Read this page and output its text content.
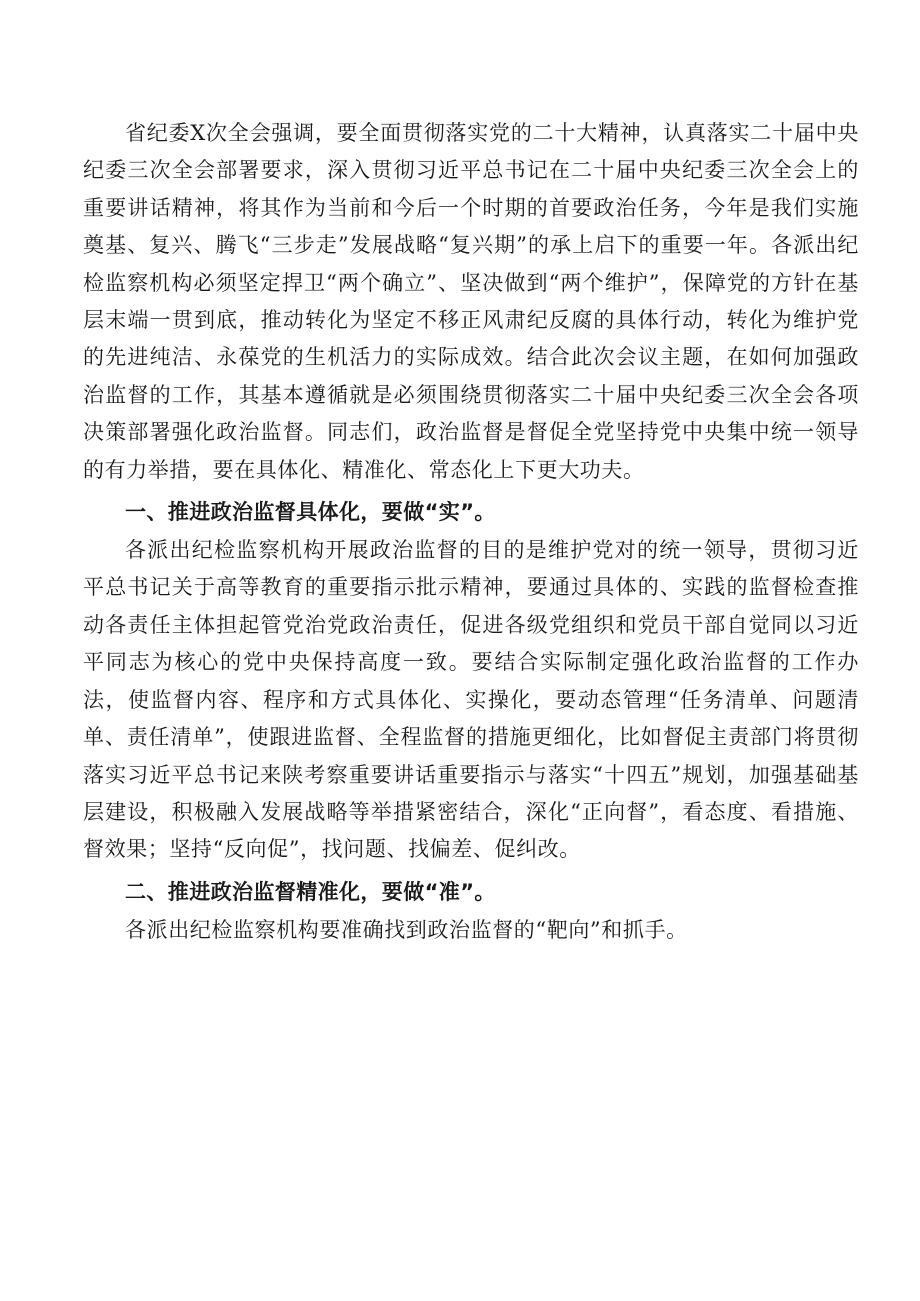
省纪委X次全会强调，要全面贯彻落实党的二十大精神，认真落实二十届中央纪委三次全会部署要求，深入贯彻习近平总书记在二十届中央纪委三次全会上的重要讲话精神，将其作为当前和今后一个时期的首要政治任务，今年是我们实施奠基、复兴、腾飞“三步走”发展战略“复兴期”的承上启下的重要一年。各派出纪检监察机构必须坚定捍卫“两个确立”、坚决做到“两个维护”，保障党的方针在基层末端一贯到底，推动转化为坚定不移正风肃纪反腐的具体行动，转化为维护党的先进纯洁、永葆党的生机活力的实际成效。结合此次会议主题，在如何加强政治监督的工作，其基本遵循就是必须围绕贯彻落实二十届中央纪委三次全会各项决策部署强化政治监督。同志们，政治监督是督促全党坚持党中央集中统一领导的有力举措，要在具体化、精准化、常态化上下更大功夫。

一、推进政治监督具体化，要做“实”。

各派出纪检监察机构开展政治监督的目的是维护党对的统一领导，贯彻习近平总书记关于高等教育的重要指示批示精神，要通过具体的、实践的监督检查推动各责任主体担起管党治党政治责任，促进各级党组织和党员干部自觉同以习近平同志为核心的党中央保持高度一致。要结合实际制定强化政治监督的工作办法，使监督内容、程序和方式具体化、实操化，要动态管理“任务清单、问题清单、责任清单”，使跟进监督、全程监督的措施更细化，比如督促主责部门将贯彻落实习近平总书记来陕考察重要讲话重要指示与落实“十四五”规划，加强基础基层建设，积极融入发展战略等举措紧密结合，深化“正向督”，看态度、看措施、督效果；坚持“反向促”，找问题、找偏差、促纠改。

二、推进政治监督精准化，要做“准”。

各派出纪检监察机构要准确找到政治监督的“靶向”和抓手。
